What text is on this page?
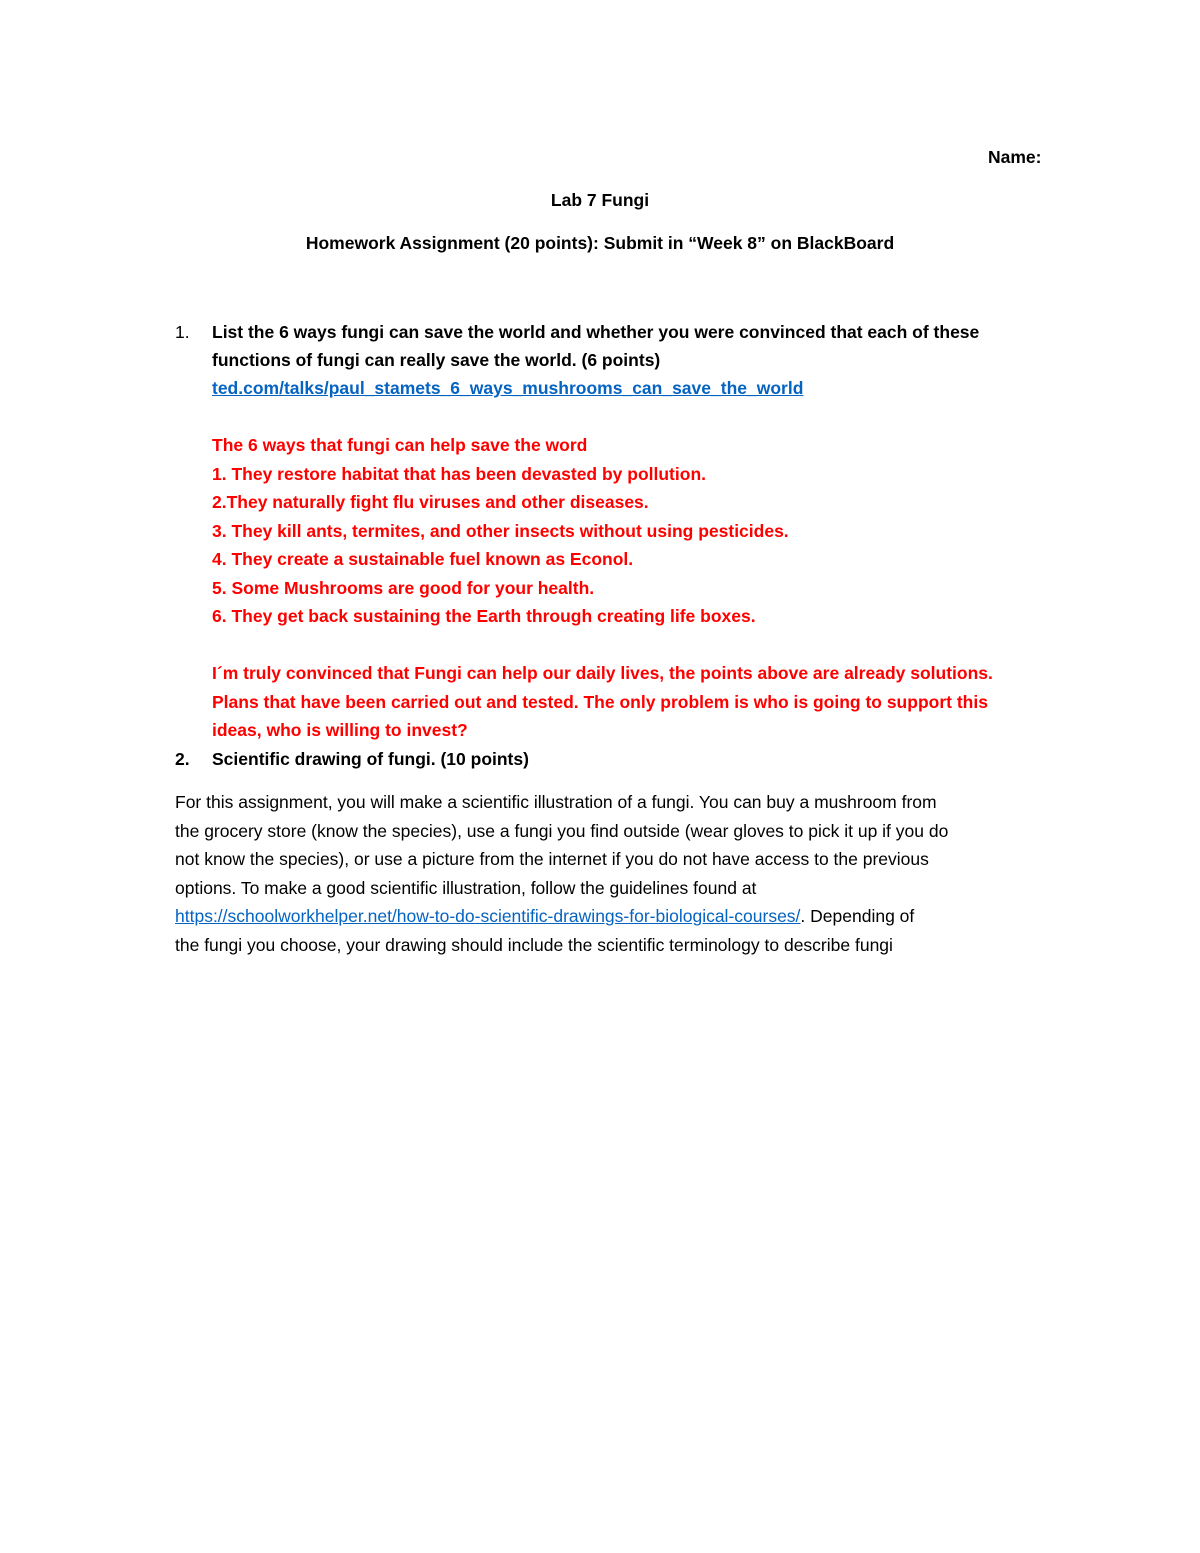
Name:
Lab 7 Fungi
Homework Assignment (20 points): Submit in “Week 8” on BlackBoard
1. List the 6 ways fungi can save the world and whether you were convinced that each of these
functions of fungi can really save the world. (6 points)
ted.com/talks/paul_stamets_6_ways_mushrooms_can_save_the_world
The 6 ways that fungi can help save the word
1. They restore habitat that has been devasted by pollution.
2.They naturally fight flu viruses and other diseases.
3. They kill ants, termites, and other insects without using pesticides.
4. They create a sustainable fuel known as Econol.
5. Some Mushrooms are good for your health.
6. They get back sustaining the Earth through creating life boxes.
I´m truly convinced that Fungi can help our daily lives, the points above are already solutions.
Plans that have been carried out and tested. The only problem is who is going to support this
ideas, who is willing to invest?
2. Scientific drawing of fungi. (10 points)
For this assignment, you will make a scientific illustration of a fungi. You can buy a mushroom from
the grocery store (know the species), use a fungi you find outside (wear gloves to pick it up if you do
not know the species), or use a picture from the internet if you do not have access to the previous
options. To make a good scientific illustration, follow the guidelines found at
https://schoolworkhelper.net/how-to-do-scientific-drawings-for-biological-courses/. Depending of
the fungi you choose, your drawing should include the scientific terminology to describe fungi
